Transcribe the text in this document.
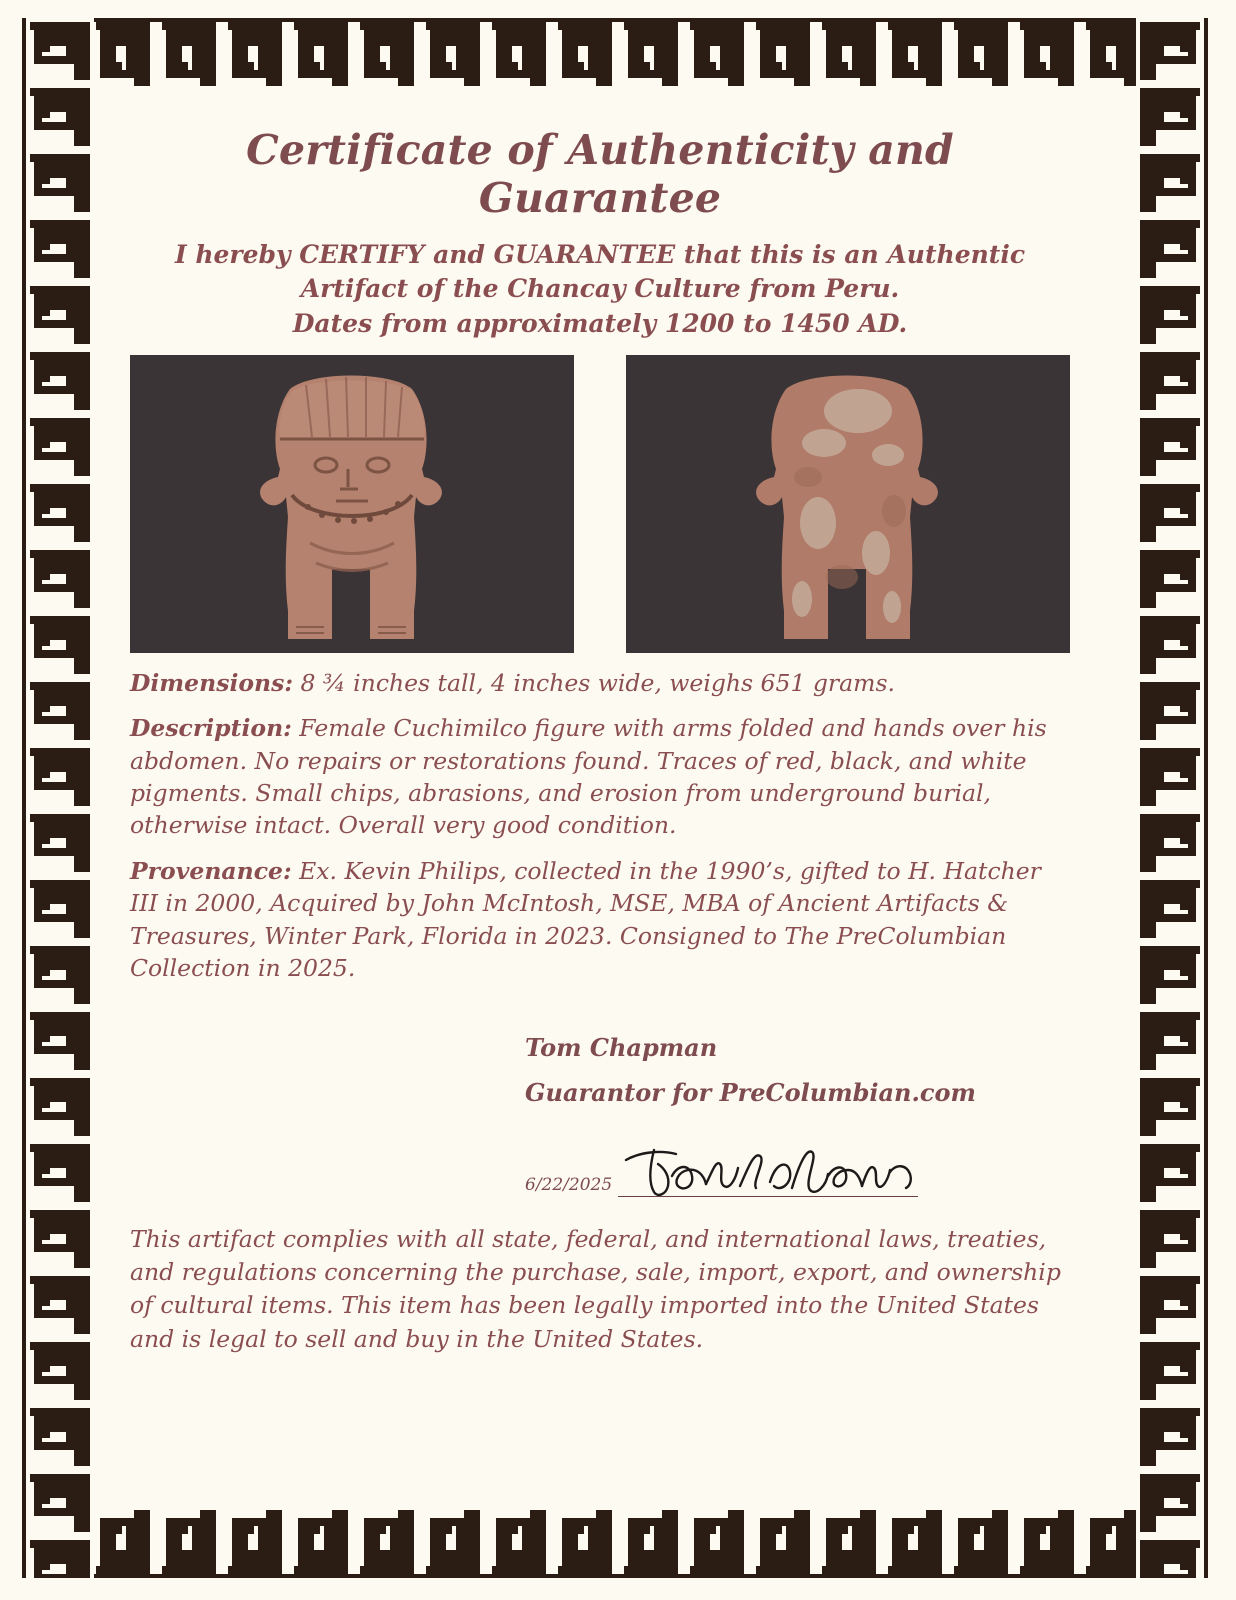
Certificate of Authenticity and Guarantee
I hereby CERTIFY and GUARANTEE that this is an Authentic
Artifact of the Chancay Culture from Peru.
Dates from approximately 1200 to 1450 AD.
Dimensions: 8 ¾ inches tall, 4 inches wide, weighs 651 grams.
Description: Female Cuchimilco figure with arms folded and hands over his abdomen. No repairs or restorations found. Traces of red, black, and white pigments. Small chips, abrasions, and erosion from underground burial, otherwise intact. Overall very good condition.
Provenance: Ex. Kevin Philips, collected in the 1990’s, gifted to H. Hatcher III in 2000, Acquired by John McIntosh, MSE, MBA of Ancient Artifacts & Treasures, Winter Park, Florida in 2023. Consigned to The PreColumbian Collection in 2025.
Tom Chapman
Guarantor for PreColumbian.com
6/22/2025
This artifact complies with all state, federal, and international laws, treaties, and regulations concerning the purchase, sale, import, export, and ownership of cultural items. This item has been legally imported into the United States and is legal to sell and buy in the United States.
